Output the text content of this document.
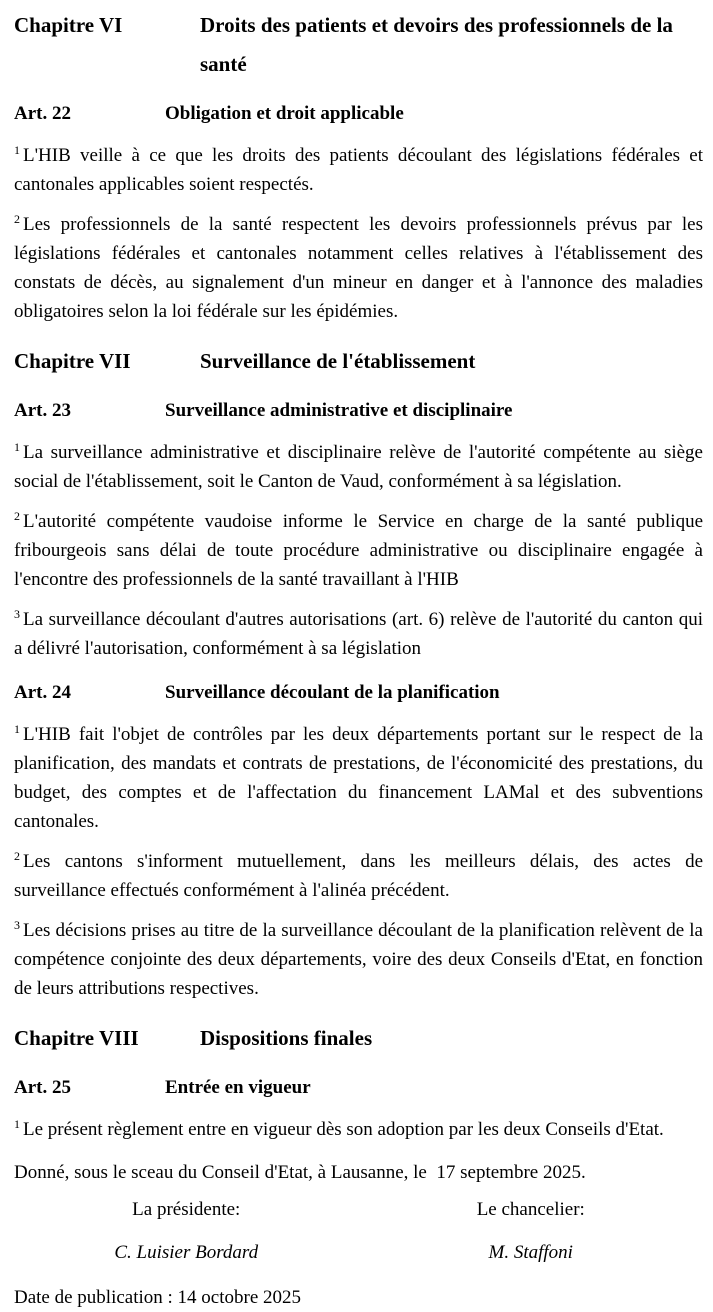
Chapitre VI	Droits des patients et devoirs des professionnels de la santé
Art. 22	Obligation et droit applicable

$^1$ L'HIB veille à ce que les droits des patients découlant des législations fédérales et cantonales applicables soient respectés.

$^2$ Les professionnels de la santé respectent les devoirs professionnels prévus par les législations fédérales et cantonales notamment celles relatives à l'établissement des constats de décès, au signalement d'un mineur en danger et à l'annonce des maladies obligatoires selon la loi fédérale sur les épidémies.

Chapitre VII	Surveillance de l'établissement
Art. 23	Surveillance administrative et disciplinaire

$^1$ La surveillance administrative et disciplinaire relève de l'autorité compétente au siège social de l'établissement, soit le Canton de Vaud, conformément à sa législation.

$^2$ L'autorité compétente vaudoise informe le Service en charge de la santé publique fribourgeois sans délai de toute procédure administrative ou disciplinaire engagée à l'encontre des professionnels de la santé travaillant à l'HIB

$^3$ La surveillance découlant d'autres autorisations (art. 6) relève de l'autorité du canton qui a délivré l'autorisation, conformément à sa législation

Art. 24	Surveillance découlant de la planification

$^1$ L'HIB fait l'objet de contrôles par les deux départements portant sur le respect de la planification, des mandats et contrats de prestations, de l'économicité des prestations, du budget, des comptes et de l'affectation du financement LAMal et des subventions cantonales.

$^2$ Les cantons s'informent mutuellement, dans les meilleurs délais, des actes de surveillance effectués conformément à l'alinéa précédent.

$^3$ Les décisions prises au titre de la surveillance découlant de la planification relèvent de la compétence conjointe des deux départements, voire des deux Conseils d'Etat, en fonction de leurs attributions respectives.

Chapitre VIII	Dispositions finales
Art. 25	Entrée en vigueur

$^1$ Le présent règlement entre en vigueur dès son adoption par les deux Conseils d'Etat.

Donné, sous le sceau du Conseil d'Etat, à Lausanne, le  17 septembre 2025.

La présidente:	Le chancelier:
C. Luisier Bordard	M. Staffoni

Date de publication : 14 octobre 2025
